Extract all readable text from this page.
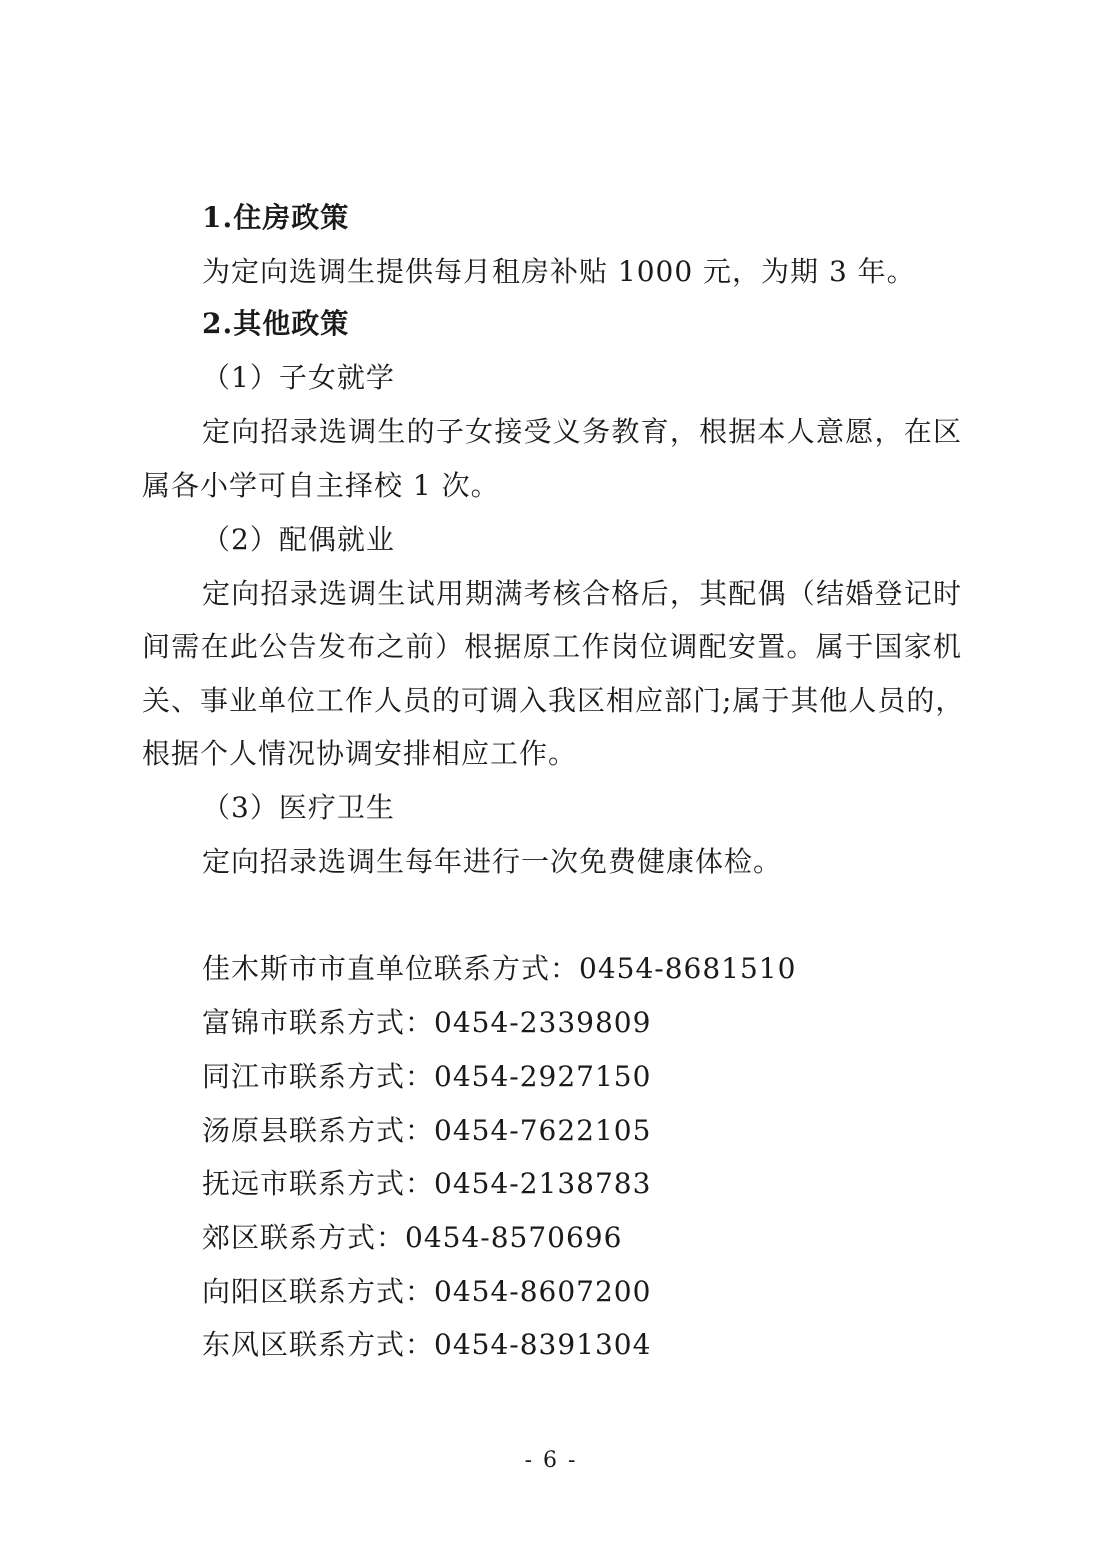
1.住房政策
为定向选调生提供每月租房补贴 1000 元，为期 3 年。
2.其他政策
（1）子女就学
定向招录选调生的子女接受义务教育，根据本人意愿，在区
属各小学可自主择校 1 次。
（2）配偶就业
定向招录选调生试用期满考核合格后，其配偶（结婚登记时
间需在此公告发布之前）根据原工作岗位调配安置。属于国家机
关、事业单位工作人员的可调入我区相应部门;属于其他人员的，
根据个人情况协调安排相应工作。
（3）医疗卫生
定向招录选调生每年进行一次免费健康体检。
佳木斯市市直单位联系方式：0454-8681510
富锦市联系方式：0454-2339809
同江市联系方式：0454-2927150
汤原县联系方式：0454-7622105
抚远市联系方式：0454-2138783
郊区联系方式：0454-8570696
向阳区联系方式：0454-8607200
东风区联系方式：0454-8391304
- 6 -
